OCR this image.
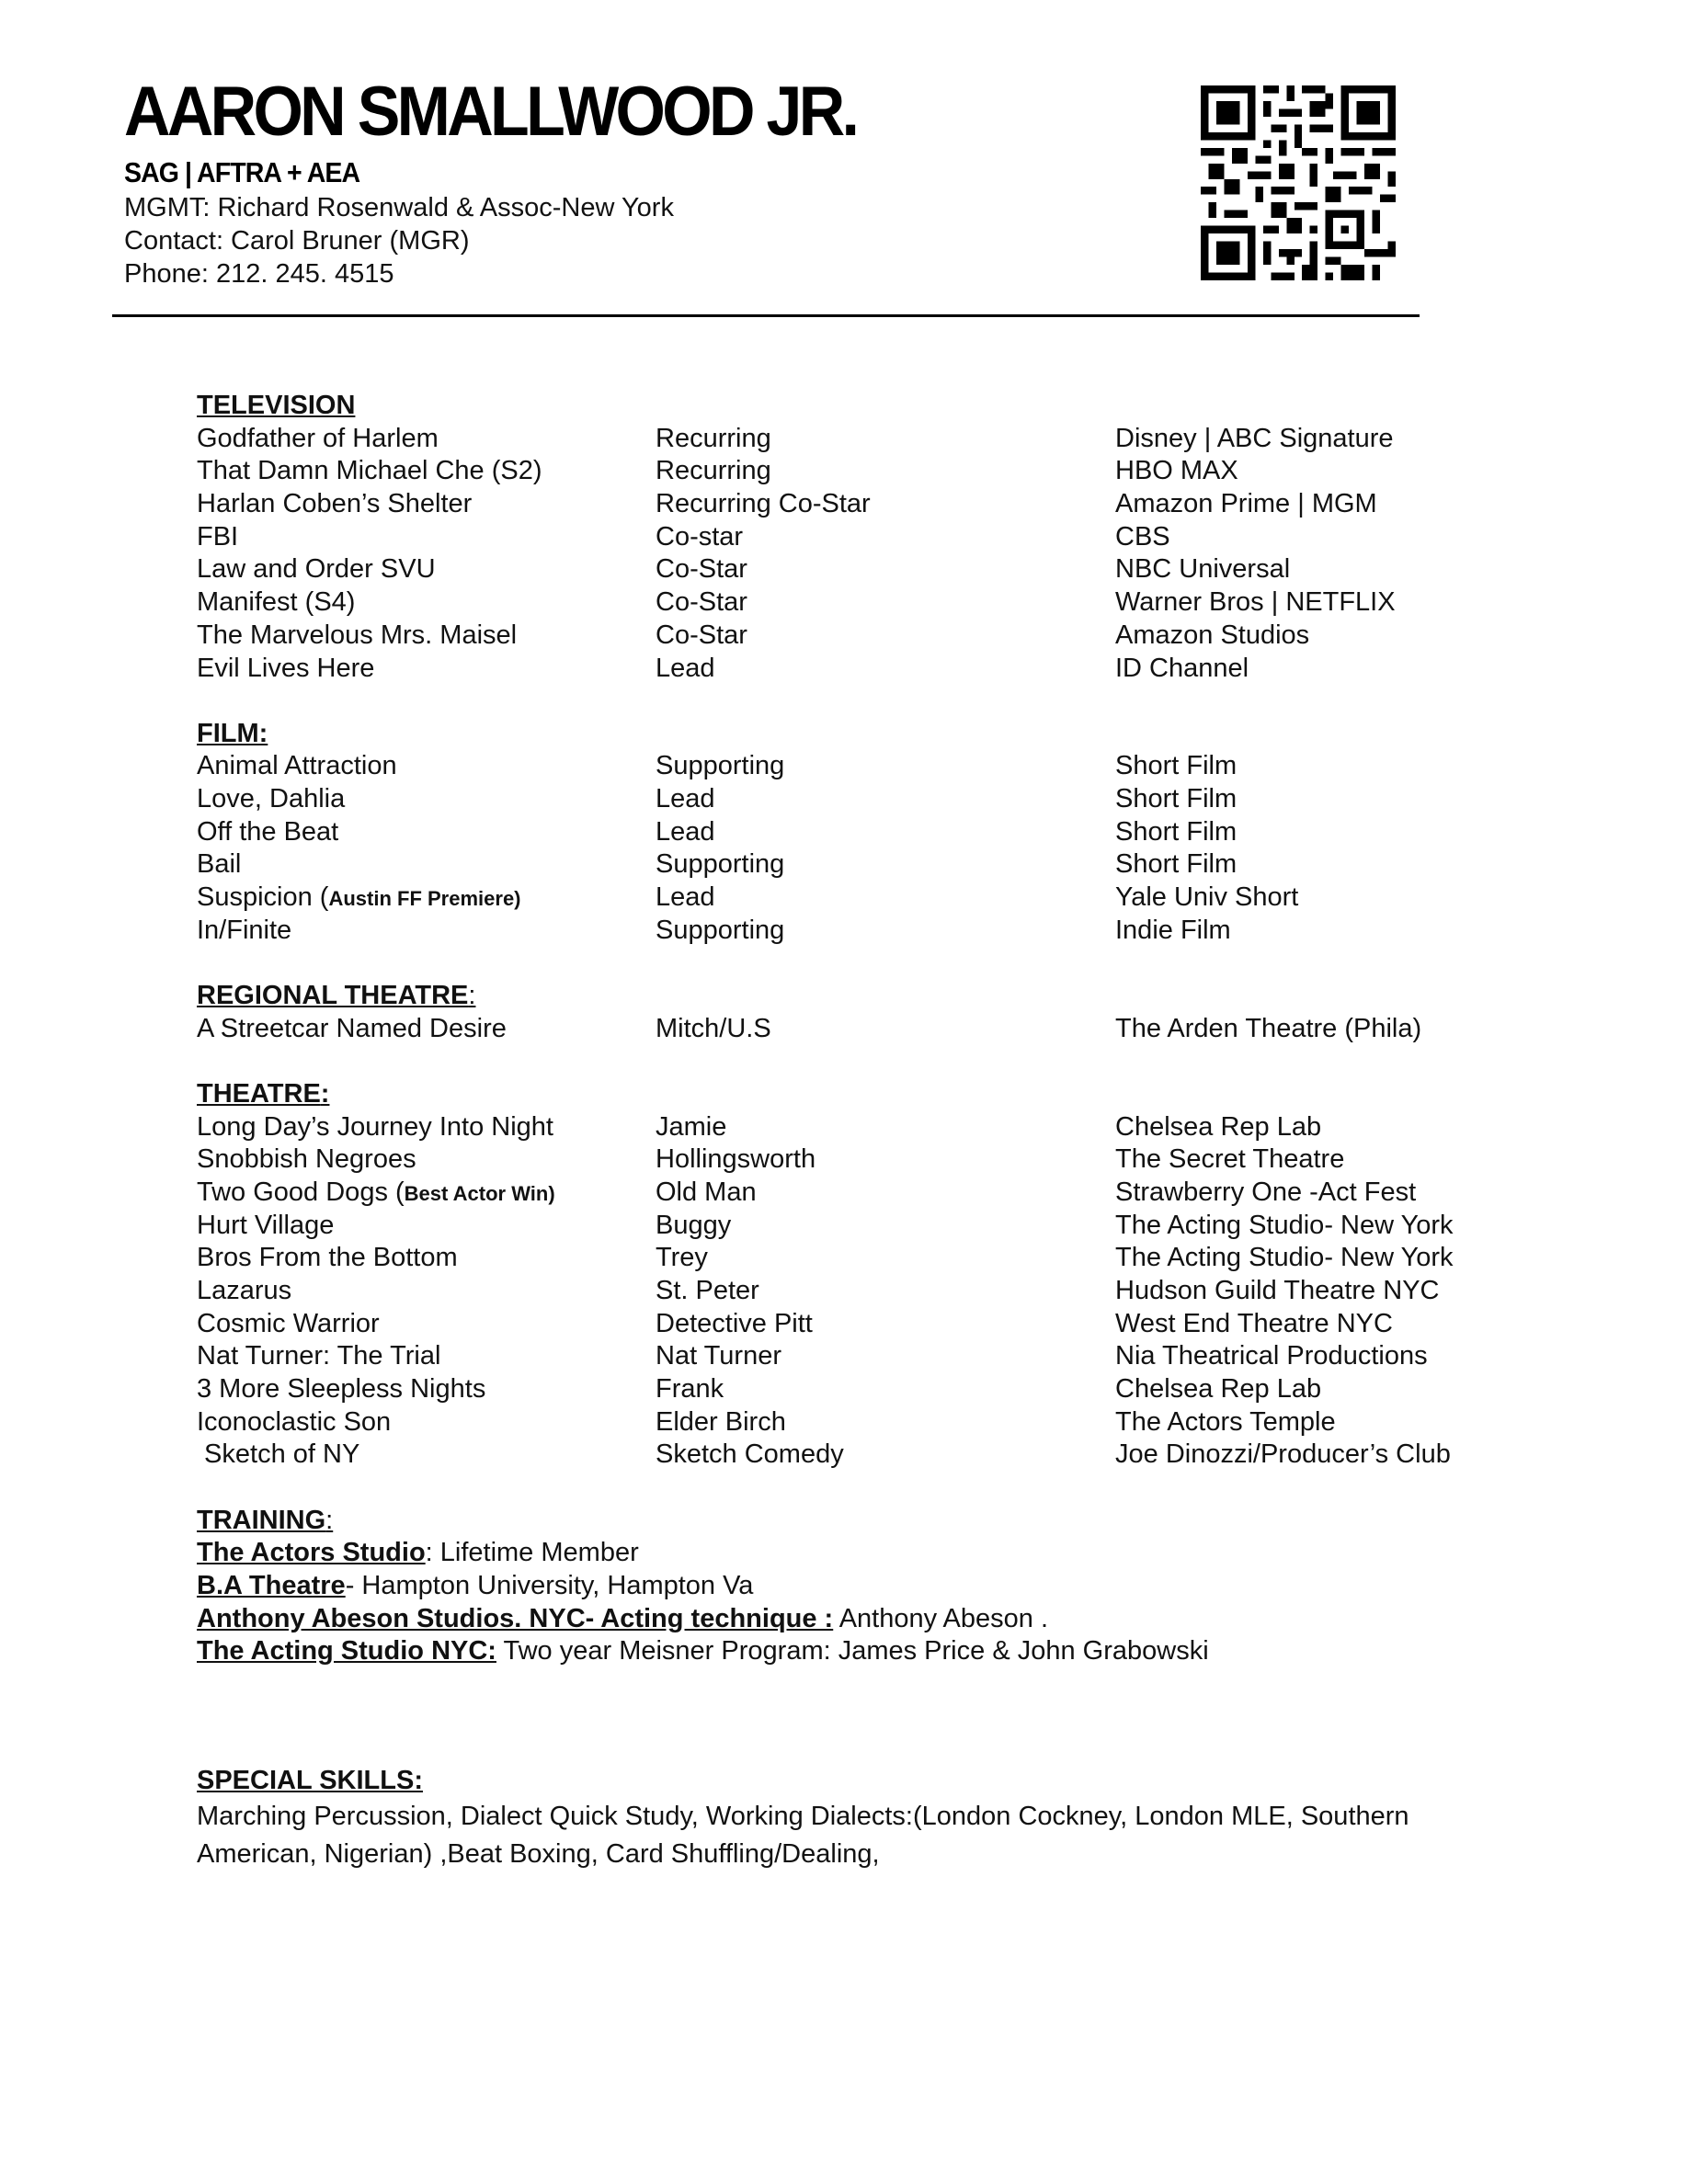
AARON SMALLWOOD JR.
SAG | AFTRA + AEA
MGMT: Richard Rosenwald & Assoc-New York
Contact: Carol Bruner (MGR)
Phone: 212. 245. 4515
TELEVISION
Godfather of Harlem	Recurring	Disney | ABC Signature
That Damn Michael Che (S2)	Recurring	HBO MAX
Harlan Coben’s Shelter	Recurring Co-Star	Amazon Prime | MGM
FBI	Co-star	CBS
Law and Order SVU	Co-Star	NBC Universal
Manifest (S4)	Co-Star	Warner Bros | NETFLIX
The Marvelous Mrs. Maisel	Co-Star	Amazon Studios
Evil Lives Here	Lead	ID Channel
FILM:
Animal Attraction	Supporting	Short Film
Love, Dahlia	Lead	Short Film
Off the Beat	Lead	Short Film
Bail	Supporting	Short Film
Suspicion (Austin FF Premiere)	Lead	Yale Univ Short
In/Finite	Supporting	Indie Film
REGIONAL THEATRE:
A Streetcar Named Desire	Mitch/U.S	The Arden Theatre (Phila)
THEATRE:
Long Day’s Journey Into Night	Jamie	Chelsea Rep Lab
Snobbish Negroes	Hollingsworth	The Secret Theatre
Two Good Dogs (Best Actor Win)	Old Man	Strawberry One -Act Fest
Hurt Village	Buggy	The Acting Studio- New York
Bros From the Bottom	Trey	The Acting Studio- New York
Lazarus	St. Peter	Hudson Guild Theatre NYC
Cosmic Warrior	Detective Pitt	West End Theatre NYC
Nat Turner: The Trial	Nat Turner	Nia Theatrical Productions
3 More Sleepless Nights	Frank	Chelsea Rep Lab
Iconoclastic Son	Elder Birch	The Actors Temple
Sketch of NY	Sketch Comedy	Joe Dinozzi/Producer’s Club
TRAINING:
The Actors Studio: Lifetime Member
B.A Theatre- Hampton University, Hampton Va
Anthony Abeson Studios. NYC- Acting technique : Anthony Abeson .
The Acting Studio NYC: Two year Meisner Program: James Price & John Grabowski
SPECIAL SKILLS:
Marching Percussion, Dialect Quick Study, Working Dialects:(London Cockney, London MLE, Southern American, Nigerian) ,Beat Boxing, Card Shuffling/Dealing,
